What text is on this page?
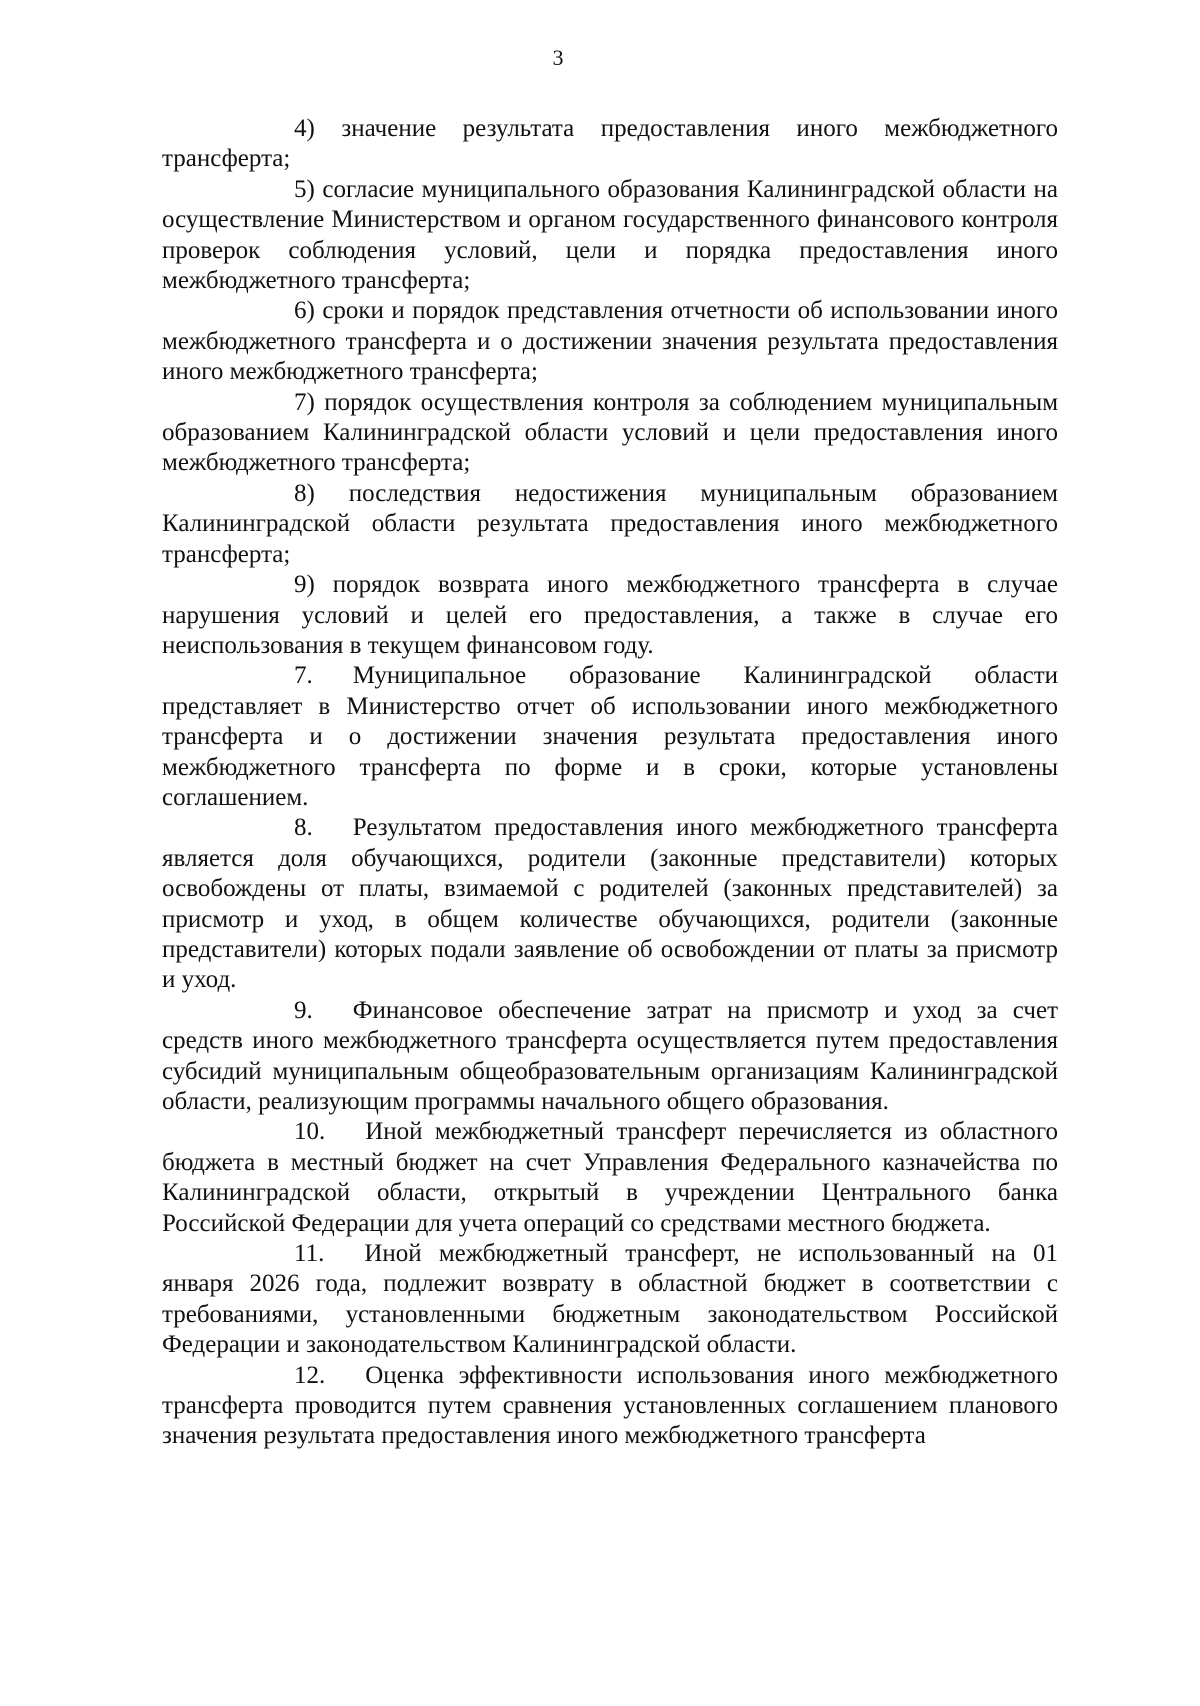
3

4) значение результата предоставления иного межбюджетного трансферта;

5) согласие муниципального образования Калининградской области на осуществление Министерством и органом государственного финансового контроля проверок соблюдения условий, цели и порядка предоставления иного межбюджетного трансферта;

6) сроки и порядок представления отчетности об использовании иного межбюджетного трансферта и о достижении значения результата предоставления иного межбюджетного трансферта;

7) порядок осуществления контроля за соблюдением муниципальным образованием Калининградской области условий и цели предоставления иного межбюджетного трансферта;

8) последствия недостижения муниципальным образованием Калининградской области результата предоставления иного межбюджетного трансферта;

9) порядок возврата иного межбюджетного трансферта в случае нарушения условий и целей его предоставления, а также в случае его неиспользования в текущем финансовом году.

7. Муниципальное образование Калининградской области представляет в Министерство отчет об использовании иного межбюджетного трансферта и о достижении значения результата предоставления иного межбюджетного трансферта по форме и в сроки, которые установлены соглашением.

8. Результатом предоставления иного межбюджетного трансферта является доля обучающихся, родители (законные представители) которых освобождены от платы, взимаемой с родителей (законных представителей) за присмотр и уход, в общем количестве обучающихся, родители (законные представители) которых подали заявление об освобождении от платы за присмотр и уход.

9. Финансовое обеспечение затрат на присмотр и уход за счет средств иного межбюджетного трансферта осуществляется путем предоставления субсидий муниципальным общеобразовательным организациям Калининградской области, реализующим программы начального общего образования.

10. Иной межбюджетный трансферт перечисляется из областного бюджета в местный бюджет на счет Управления Федерального казначейства по Калининградской области, открытый в учреждении Центрального банка Российской Федерации для учета операций со средствами местного бюджета.

11. Иной межбюджетный трансферт, не использованный на 01 января 2026 года, подлежит возврату в областной бюджет в соответствии с требованиями, установленными бюджетным законодательством Российской Федерации и законодательством Калининградской области.

12. Оценка эффективности использования иного межбюджетного трансферта проводится путем сравнения установленных соглашением планового значения результата предоставления иного межбюджетного трансферта
